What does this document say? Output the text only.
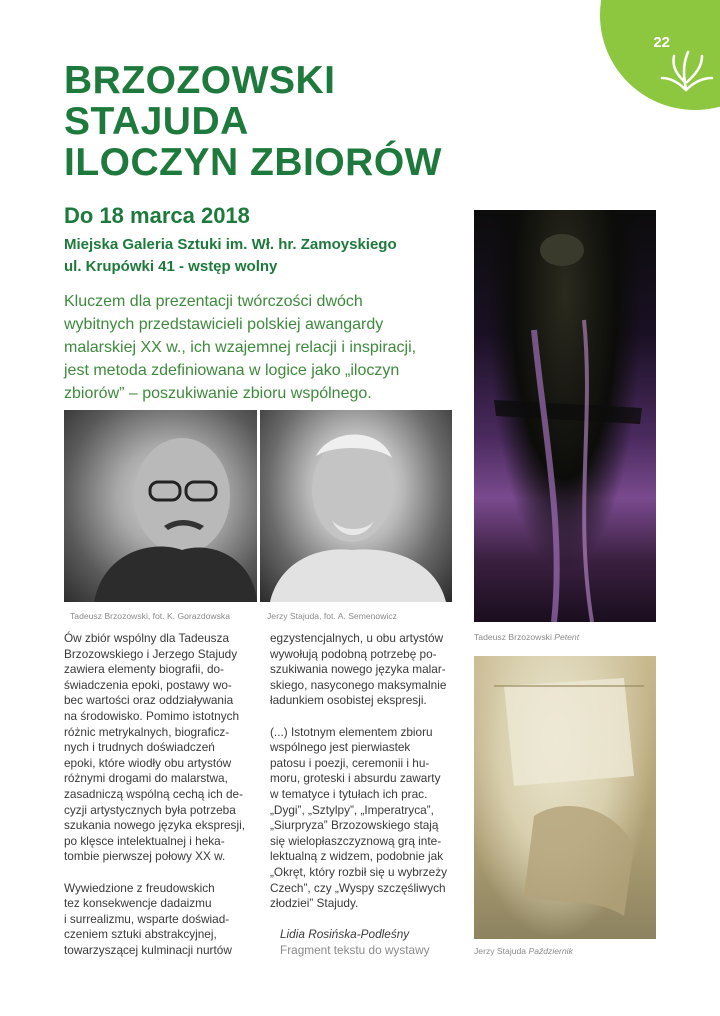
22
BRZOZOWSKI
STAJUDA
ILOCZYN ZBIORÓW
Do 18 marca 2018
Miejska Galeria Sztuki im. Wł. hr. Zamoyskiego
ul. Krupówki 41 - wstęp wolny
Kluczem dla prezentacji twórczości dwóch
wybitnych przedstawicieli polskiej awangardy
malarskiej XX w., ich wzajemnej relacji i inspiracji,
jest metoda zdefiniowana w logice jako „iloczyn
zbiorów” – poszukiwanie zbioru wspólnego.
Tadeusz Brzozowski, fot. K. Gorazdowska	Jerzy Stajuda, fot. A. Semenowicz
Tadeusz Brzozowski Petent
Jerzy Stajuda Październik
Ów zbiór wspólny dla Tadeusza
Brzozowskiego i Jerzego Stajudy
zawiera elementy biografii, do-
świadczenia epoki, postawy wo-
bec wartości oraz oddziaływania
na środowisko. Pomimo istotnych
różnic metrykalnych, biograficz-
nych i trudnych doświadczeń
epoki, które wiodły obu artystów
różnymi drogami do malarstwa,
zasadniczą wspólną cechą ich de-
cyzji artystycznych była potrzeba
szukania nowego języka ekspresji,
po klęsce intelektualnej i heka-
tombie pierwszej połowy XX w.
Wywiedzione z freudowskich
tez konsekwencje dadaizmu
i surrealizmu, wsparte doświad-
czeniem sztuki abstrakcyjnej,
towarzyszącej kulminacji nurtów
egzystencjalnych, u obu artystów
wywołują podobną potrzebę po-
szukiwania nowego języka malar-
skiego, nasyconego maksymalnie
ładunkiem osobistej ekspresji.
(...) Istotnym elementem zbioru
wspólnego jest pierwiastek
patosu i poezji, ceremonii i hu-
moru, groteski i absurdu zawarty
w tematyce i tytułach ich prac.
„Dygi”, „Sztylpy”, „Imperatryca”,
„Siurpryza” Brzozowskiego stają
się wielopłaszczyznową grą inte-
lektualną z widzem, podobnie jak
„Okręt, który rozbił się u wybrzeży
Czech”, czy „Wyspy szczęśliwych
złodziei” Stajudy.
Lidia Rosińska-Podleśny
Fragment tekstu do wystawy
